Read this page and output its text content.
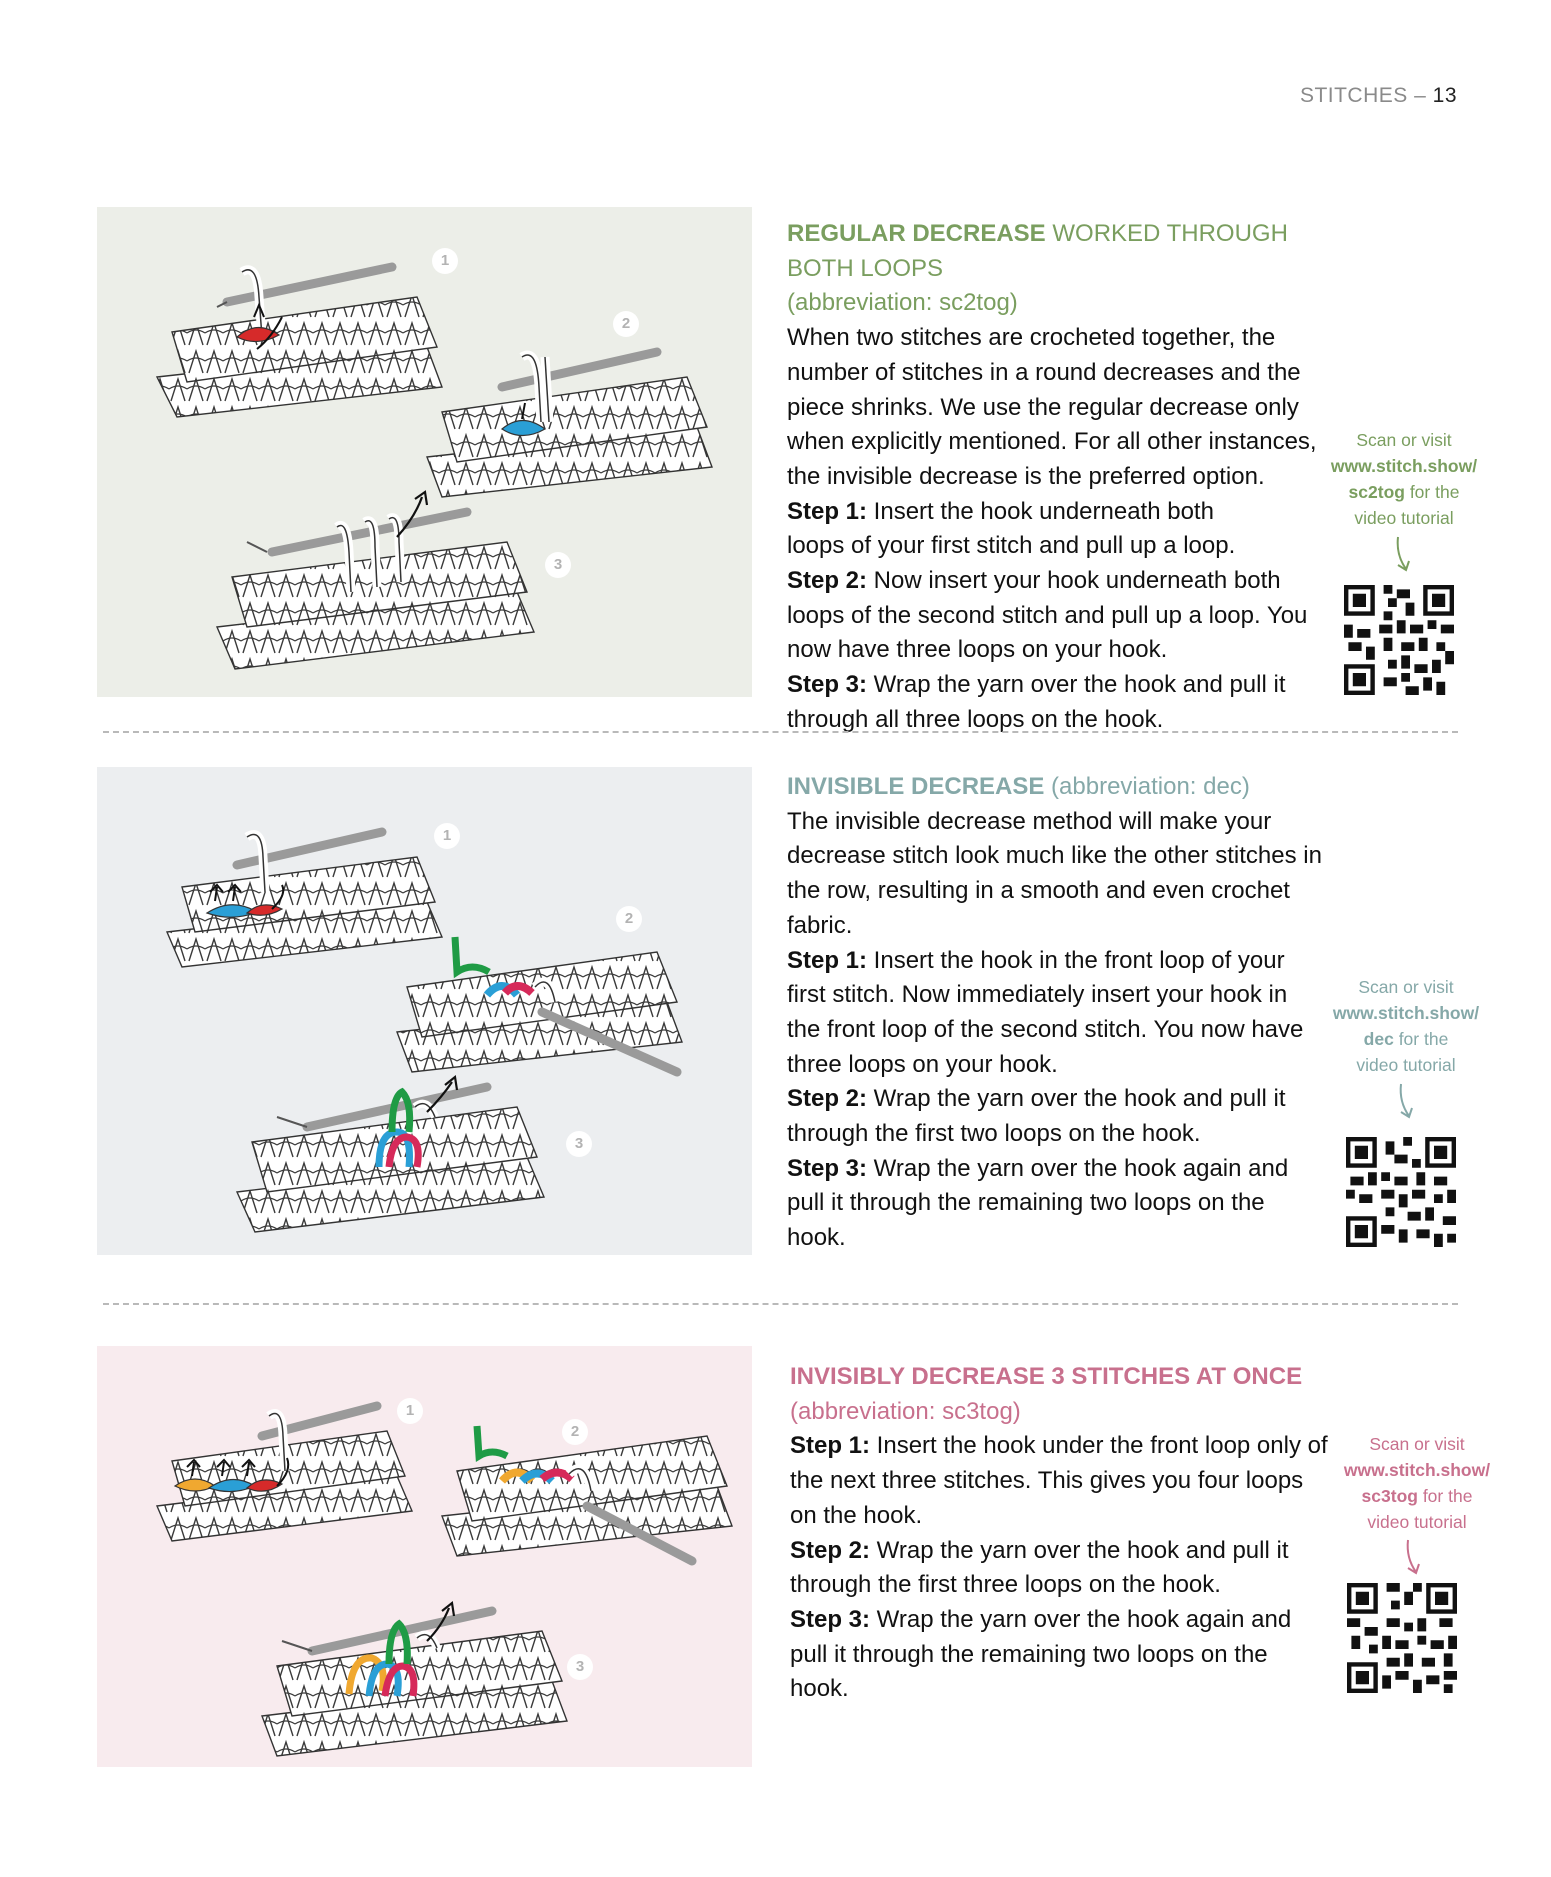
STITCHES – 13
1
2
3

REGULAR DECREASE WORKED THROUGH BOTH LOOPS

(abbreviation: sc2tog)

When two stitches are crocheted together, the number of stitches in a round decreases and the piece shrinks. We use the regular decrease only when explicitly mentioned. For all other instances, the invisible decrease is the preferred option.

Step 1: Insert the hook underneath both loops of your first stitch and pull up a loop.

Step 2: Now insert your hook underneath both loops of the second stitch and pull up a loop. You now have three loops on your hook.

Step 3: Wrap the yarn over the hook and pull it through all three loops on the hook.

Scan or visit
www.stitch.show/
sc2tog for the
video tutorial
1
2
3

INVISIBLE DECREASE (abbreviation: dec)

The invisible decrease method will make your decrease stitch look much like the other stitches in the row, resulting in a smooth and even crochet fabric.

Step 1: Insert the hook in the front loop of your first stitch. Now immediately insert your hook in the front loop of the second stitch. You now have three loops on your hook.

Step 2: Wrap the yarn over the hook and pull it through the first two loops on the hook.

Step 3: Wrap the yarn over the hook again and pull it through the remaining two loops on the hook.

Scan or visit
www.stitch.show/
dec for the
video tutorial
1
2
3

INVISIBLY DECREASE 3 STITCHES AT ONCE

(abbreviation: sc3tog)

Step 1: Insert the hook under the front loop only of the next three stitches. This gives you four loops on the hook.

Step 2: Wrap the yarn over the hook and pull it through the first three loops on the hook.

Step 3: Wrap the yarn over the hook again and pull it through the remaining two loops on the hook.

Scan or visit
www.stitch.show/
sc3tog for the
video tutorial
